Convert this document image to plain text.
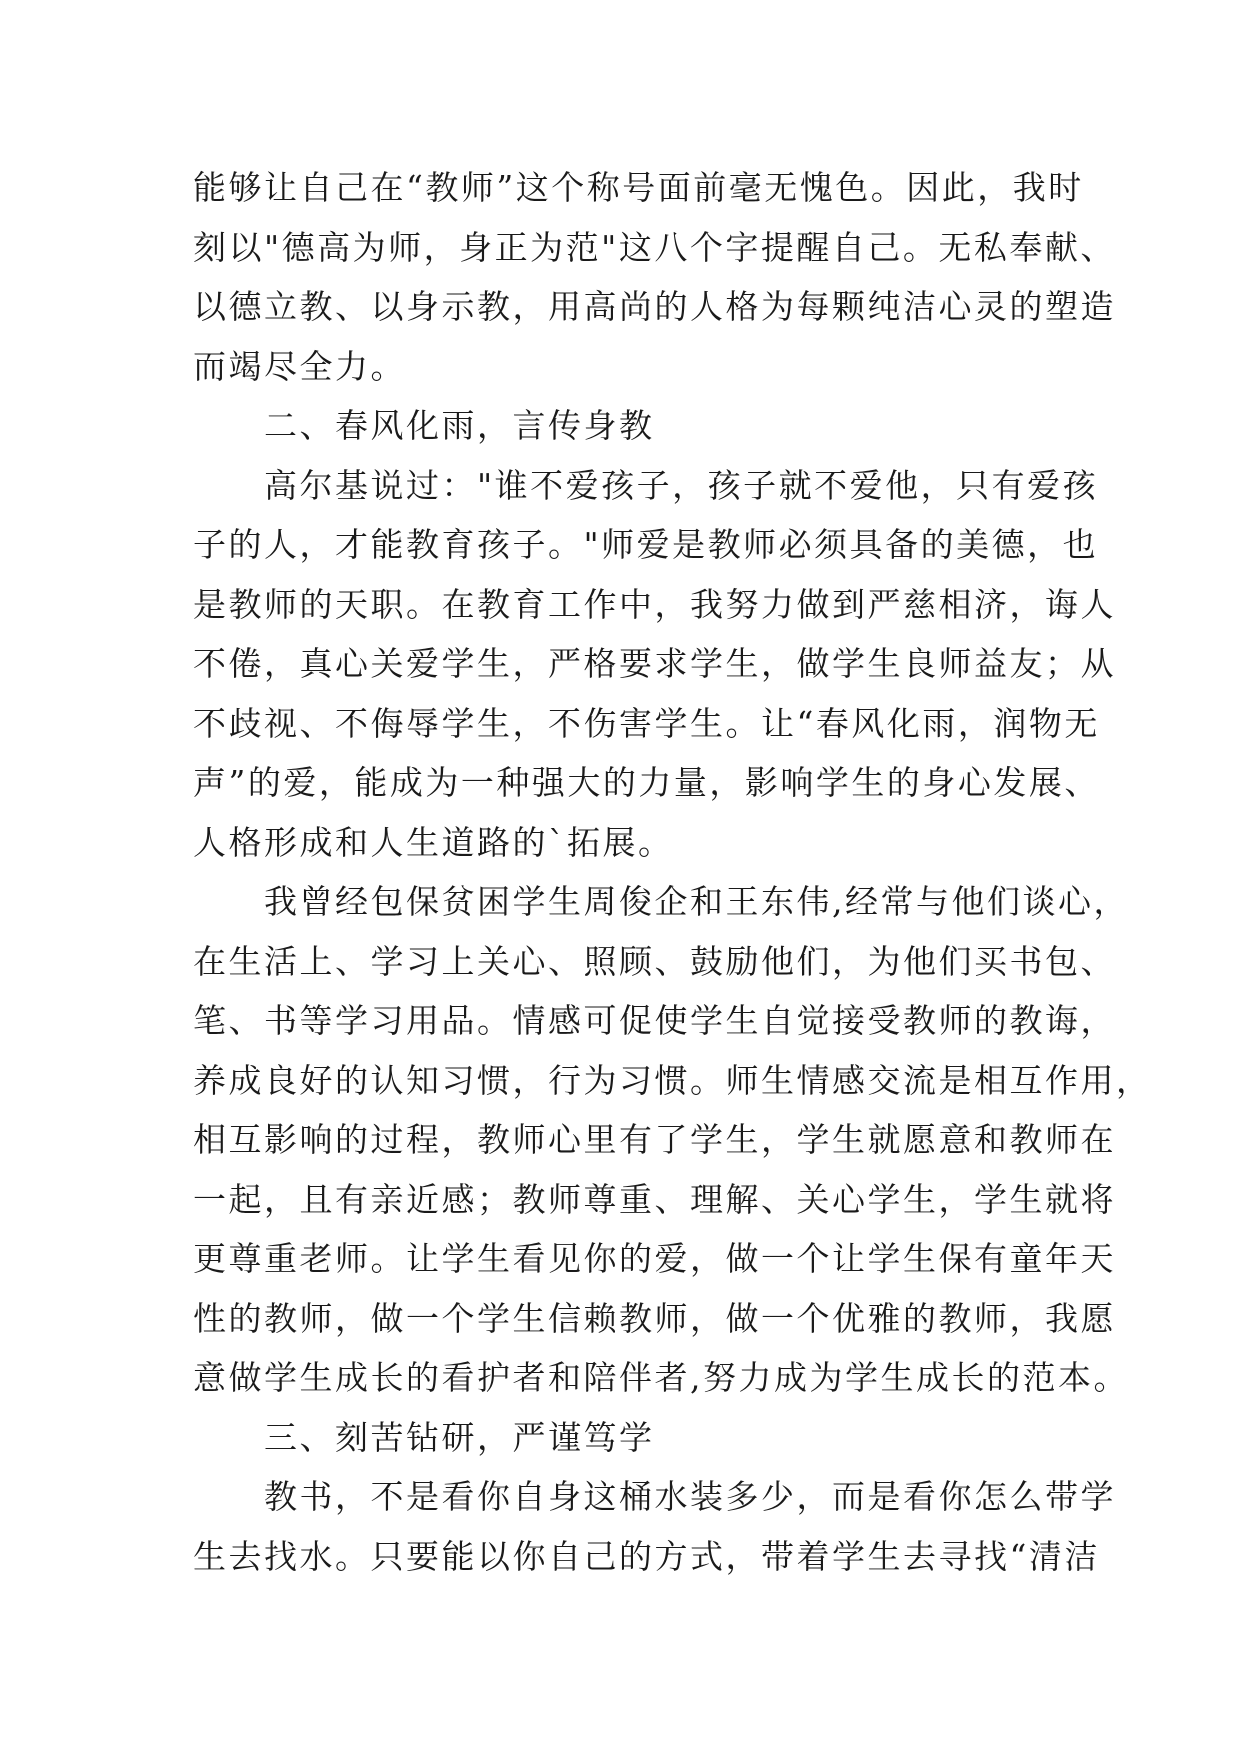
能够让自己在“教师”这个称号面前毫无愧色。因此，我时
刻以"德高为师，身正为范"这八个字提醒自己。无私奉献、
以德立教、以身示教，用高尚的人格为每颗纯洁心灵的塑造
而竭尽全力。
　　二、春风化雨，言传身教
　　高尔基说过："谁不爱孩子，孩子就不爱他，只有爱孩
子的人，才能教育孩子。"师爱是教师必须具备的美德，也
是教师的天职。在教育工作中，我努力做到严慈相济，诲人
不倦，真心关爱学生，严格要求学生，做学生良师益友；从
不歧视、不侮辱学生，不伤害学生。让“春风化雨，润物无
声”的爱，能成为一种强大的力量，影响学生的身心发展、
人格形成和人生道路的`拓展。
　　我曾经包保贫困学生周俊企和王东伟,经常与他们谈心，
在生活上、学习上关心、照顾、鼓励他们，为他们买书包、
笔、书等学习用品。情感可促使学生自觉接受教师的教诲，
养成良好的认知习惯，行为习惯。师生情感交流是相互作用，
相互影响的过程，教师心里有了学生，学生就愿意和教师在
一起，且有亲近感；教师尊重、理解、关心学生，学生就将
更尊重老师。让学生看见你的爱，做一个让学生保有童年天
性的教师，做一个学生信赖教师，做一个优雅的教师，我愿
意做学生成长的看护者和陪伴者,努力成为学生成长的范本。
　　三、刻苦钻研，严谨笃学
　　教书，不是看你自身这桶水装多少，而是看你怎么带学
生去找水。只要能以你自己的方式，带着学生去寻找“清洁
